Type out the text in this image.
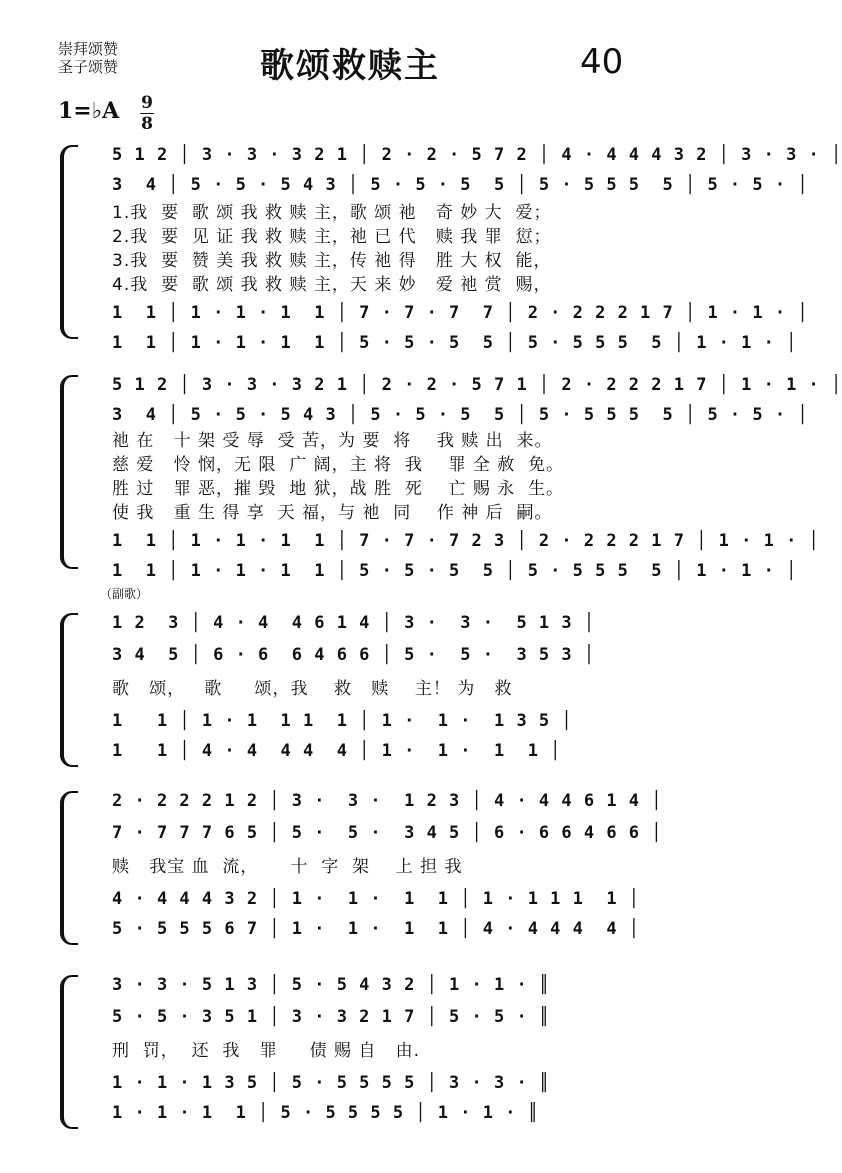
崇拜颂赞
圣子颂赞	歌颂救赎主	40
1=♭A 9
8
5 1 2 │ 3 · 3 · 3 2 1 │ 2 · 2 · 5 7 2 │ 4 · 4 4 4 3 2 │ 3 · 3 · │
3  4 │ 5 · 5 · 5 4 3 │ 5 · 5 · 5  5 │ 5 · 5 5 5  5 │ 5 · 5 · │
1.我  要  歌 颂 我 救 赎 主，歌 颂 祂   奇 妙 大  爱；
2.我  要  见 证 我 救 赎 主，祂 已 代   赎 我 罪  愆；
3.我  要  赞 美 我 救 赎 主，传 祂 得   胜 大 权  能，
4.我  要  歌 颂 我 救 赎 主，天 来 妙   爱 祂 赏  赐，
1  1 │ 1 · 1 · 1  1 │ 7 · 7 · 7  7 │ 2 · 2 2 2 1 7 │ 1 · 1 · │
1  1 │ 1 · 1 · 1  1 │ 5 · 5 · 5  5 │ 5 · 5 5 5  5 │ 1 · 1 · │
5 1 2 │ 3 · 3 · 3 2 1 │ 2 · 2 · 5 7 1 │ 2 · 2 2 2 1 7 │ 1 · 1 · │
3  4 │ 5 · 5 · 5 4 3 │ 5 · 5 · 5  5 │ 5 · 5 5 5  5 │ 5 · 5 · │
祂 在   十 架 受 辱  受 苦，为 要  将    我 赎 出  来。
慈 爱   怜 悯，无 限  广 阔，主 将  我    罪 全 赦  免。
胜 过   罪 恶，摧 毁  地 狱，战 胜  死    亡 赐 永  生。
使 我   重 生 得 享  天 福，与 祂  同    作 神 后  嗣。
1  1 │ 1 · 1 · 1  1 │ 7 · 7 · 7 2 3 │ 2 · 2 2 2 1 7 │ 1 · 1 · │
1  1 │ 1 · 1 · 1  1 │ 5 · 5 · 5  5 │ 5 · 5 5 5  5 │ 1 · 1 · │
（副歌）
1 2  3 │ 4 · 4  4 6 1 4 │ 3 ·  3 ·  5 1 3 │
3 4  5 │ 6 · 6  6 4 6 6 │ 5 ·  5 ·  3 5 3 │
歌   颂，   歌     颂，我    救   赎    主！ 为   救
1   1 │ 1 · 1  1 1  1 │ 1 ·  1 ·  1 3 5 │
1   1 │ 4 · 4  4 4  4 │ 1 ·  1 ·  1  1 │
2 · 2 2 2 1 2 │ 3 ·  3 ·  1 2 3 │ 4 · 4 4 6 1 4 │
7 · 7 7 7 6 5 │ 5 ·  5 ·  3 4 5 │ 6 · 6 6 4 6 6 │
赎   我宝 血  流，     十  字  架    上 担 我
4 · 4 4 4 3 2 │ 1 ·  1 ·  1  1 │ 1 · 1 1 1  1 │
5 · 5 5 5 6 7 │ 1 ·  1 ·  1  1 │ 4 · 4 4 4  4 │
3 · 3 · 5 1 3 │ 5 · 5 4 3 2 │ 1 · 1 · ║
5 · 5 · 3 5 1 │ 3 · 3 2 1 7 │ 5 · 5 · ║
刑  罚，  还  我   罪     债 赐 自   由.
1 · 1 · 1 3 5 │ 5 · 5 5 5 5 │ 3 · 3 · ║
1 · 1 · 1  1 │ 5 · 5 5 5 5 │ 1 · 1 · ║
